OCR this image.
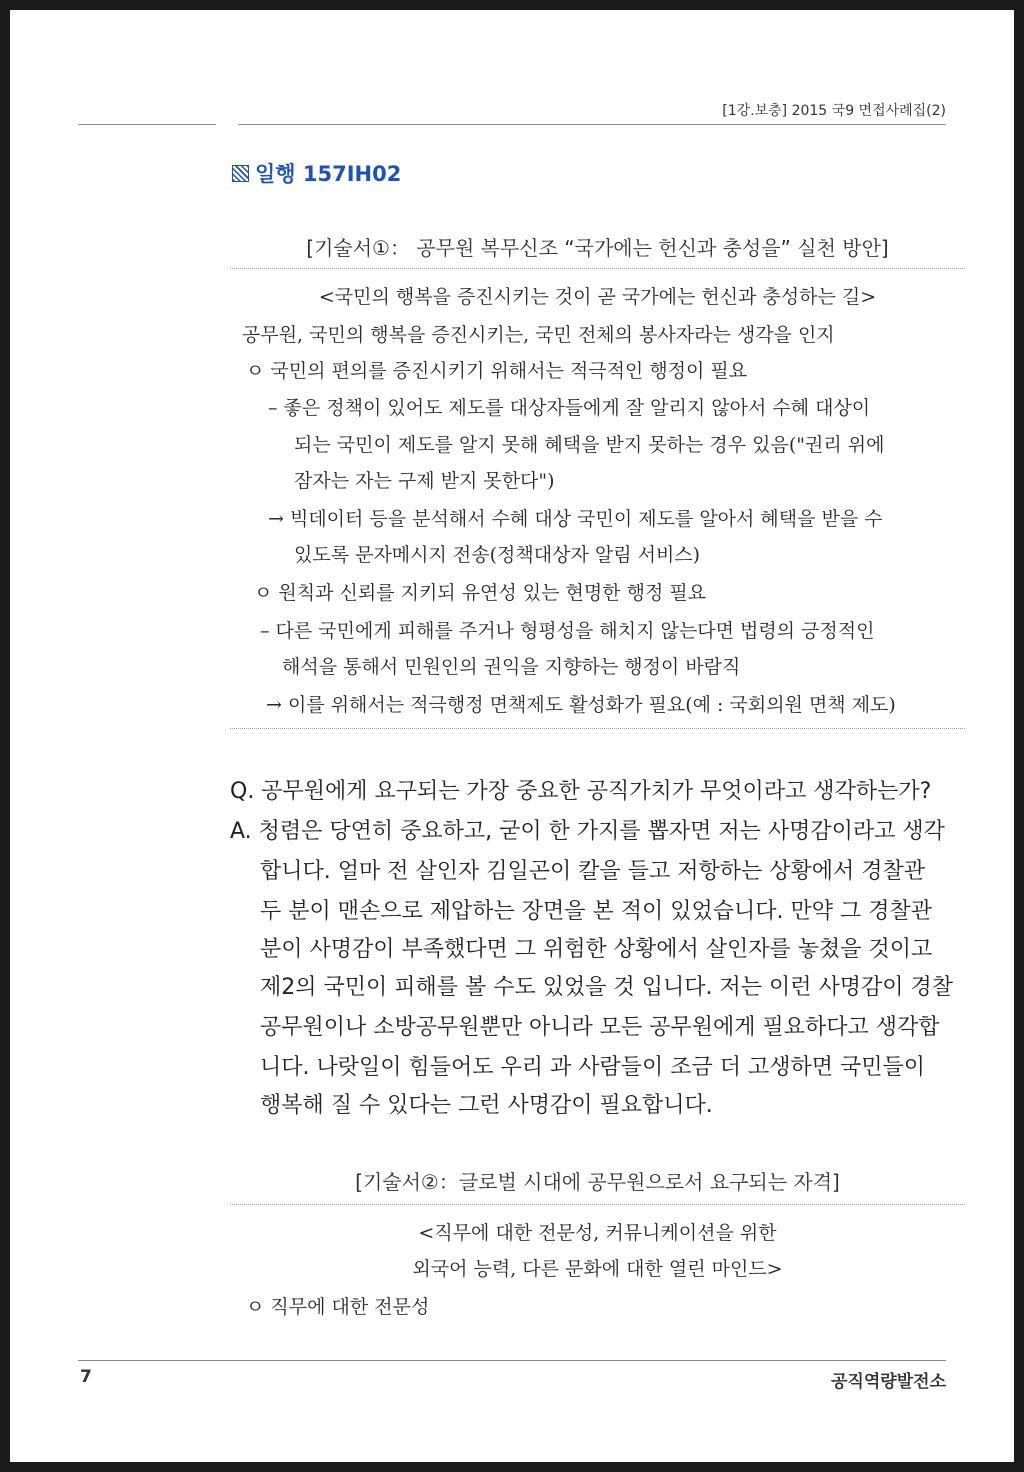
[1강.보충] 2015 국9 면접사례집(2)
일행 157IH02
[기술서①： 공무원 복무신조 “국가에는 헌신과 충성을” 실천 방안]
<국민의 행복을 증진시키는 것이 곧 국가에는 헌신과 충성하는 길>
공무원, 국민의 행복을 증진시키는, 국민 전체의 봉사자라는 생각을 인지
ㅇ 국민의 편의를 증진시키기 위해서는 적극적인 행정이 필요
– 좋은 정책이 있어도 제도를 대상자들에게 잘 알리지 않아서 수혜 대상이
되는 국민이 제도를 알지 못해 혜택을 받지 못하는 경우 있음("권리 위에
잠자는 자는 구제 받지 못한다")
→ 빅데이터 등을 분석해서 수혜 대상 국민이 제도를 알아서 혜택을 받을 수
있도록 문자메시지 전송(정책대상자 알림 서비스)
ㅇ 원칙과 신뢰를 지키되 유연성 있는 현명한 행정 필요
– 다른 국민에게 피해를 주거나 형평성을 해치지 않는다면 법령의 긍정적인
해석을 통해서 민원인의 권익을 지향하는 행정이 바람직
→ 이를 위해서는 적극행정 면책제도 활성화가 필요(예 : 국회의원 면책 제도)
Q. 공무원에게 요구되는 가장 중요한 공직가치가 무엇이라고 생각하는가?
A. 청렴은 당연히 중요하고, 굳이 한 가지를 뽑자면 저는 사명감이라고 생각
합니다. 얼마 전 살인자 김일곤이 칼을 들고 저항하는 상황에서 경찰관
두 분이 맨손으로 제압하는 장면을 본 적이 있었습니다. 만약 그 경찰관
분이 사명감이 부족했다면 그 위험한 상황에서 살인자를 놓쳤을 것이고
제2의 국민이 피해를 볼 수도 있었을 것 입니다. 저는 이런 사명감이 경찰
공무원이나 소방공무원뿐만 아니라 모든 공무원에게 필요하다고 생각합
니다. 나랏일이 힘들어도 우리 과 사람들이 조금 더 고생하면 국민들이
행복해 질 수 있다는 그런 사명감이 필요합니다.
[기술서②：글로벌 시대에 공무원으로서 요구되는 자격]
<직무에 대한 전문성, 커뮤니케이션을 위한
외국어 능력, 다른 문화에 대한 열린 마인드>
ㅇ 직무에 대한 전문성
7	공직역량발전소
